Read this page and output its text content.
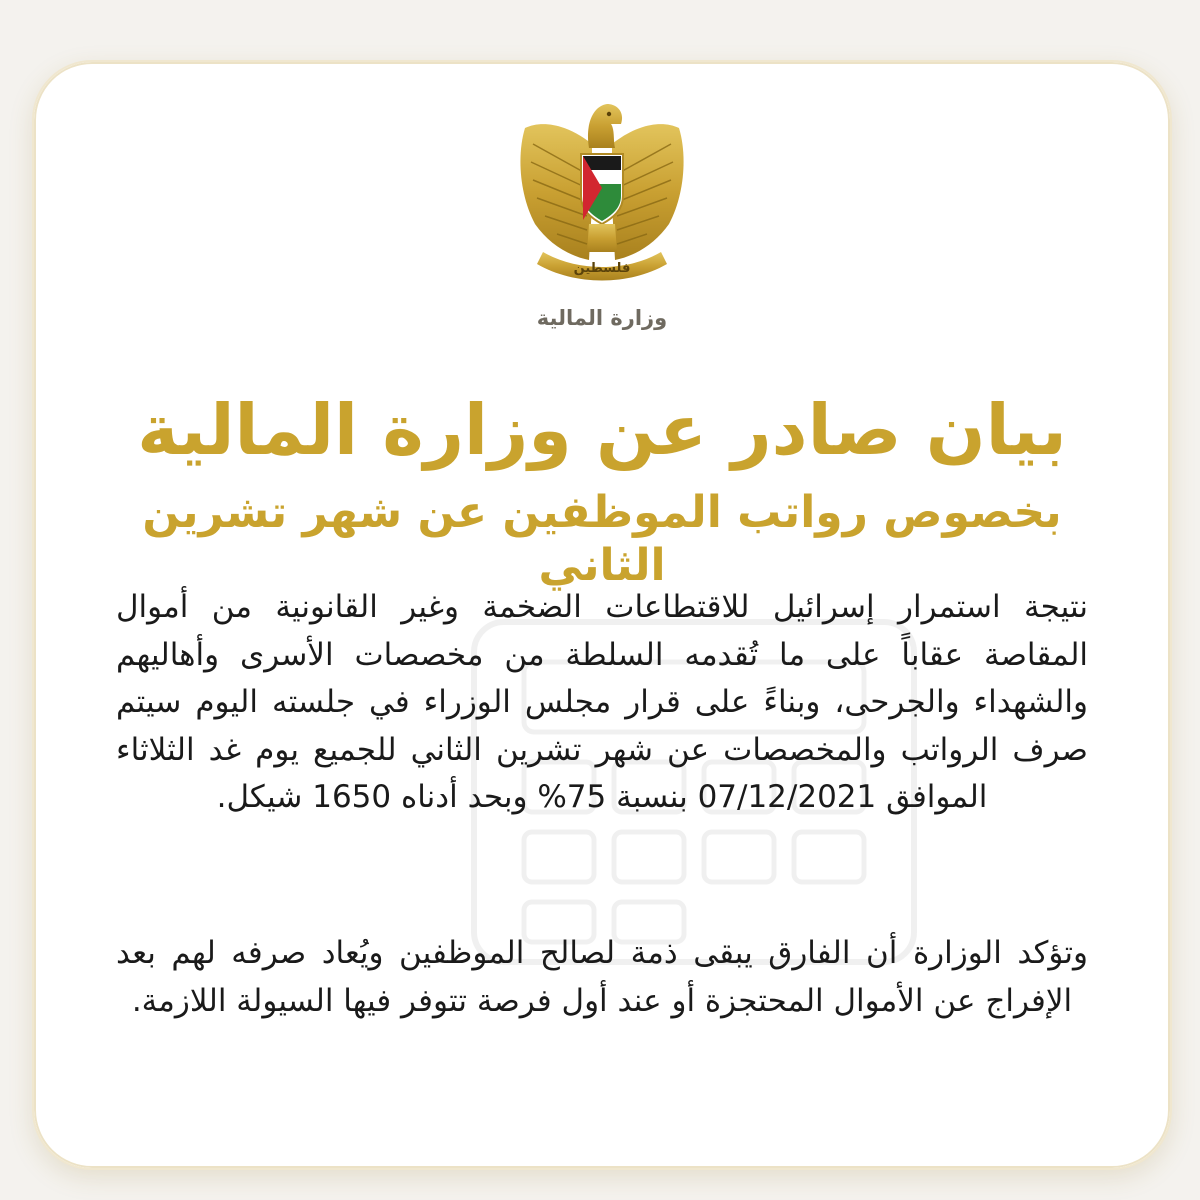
فلسطين
وزارة المالية
بيان صادر عن وزارة المالية
بخصوص رواتب الموظفين عن شهر تشرين الثاني
نتيجة استمرار إسرائيل للاقتطاعات الضخمة وغير القانونية من أموال المقاصة عقاباً على ما تُقدمه السلطة من مخصصات الأسرى وأهاليهم والشهداء والجرحى، وبناءً على قرار مجلس الوزراء في جلسته اليوم سيتم صرف الرواتب والمخصصات عن شهر تشرين الثاني للجميع يوم غد الثلاثاء الموافق 07/12/2021 بنسبة 75% وبحد أدناه 1650 شيكل.
وتؤكد الوزارة أن الفارق يبقى ذمة لصالح الموظفين ويُعاد صرفه لهم بعد الإفراج عن الأموال المحتجزة أو عند أول فرصة تتوفر فيها السيولة اللازمة.
